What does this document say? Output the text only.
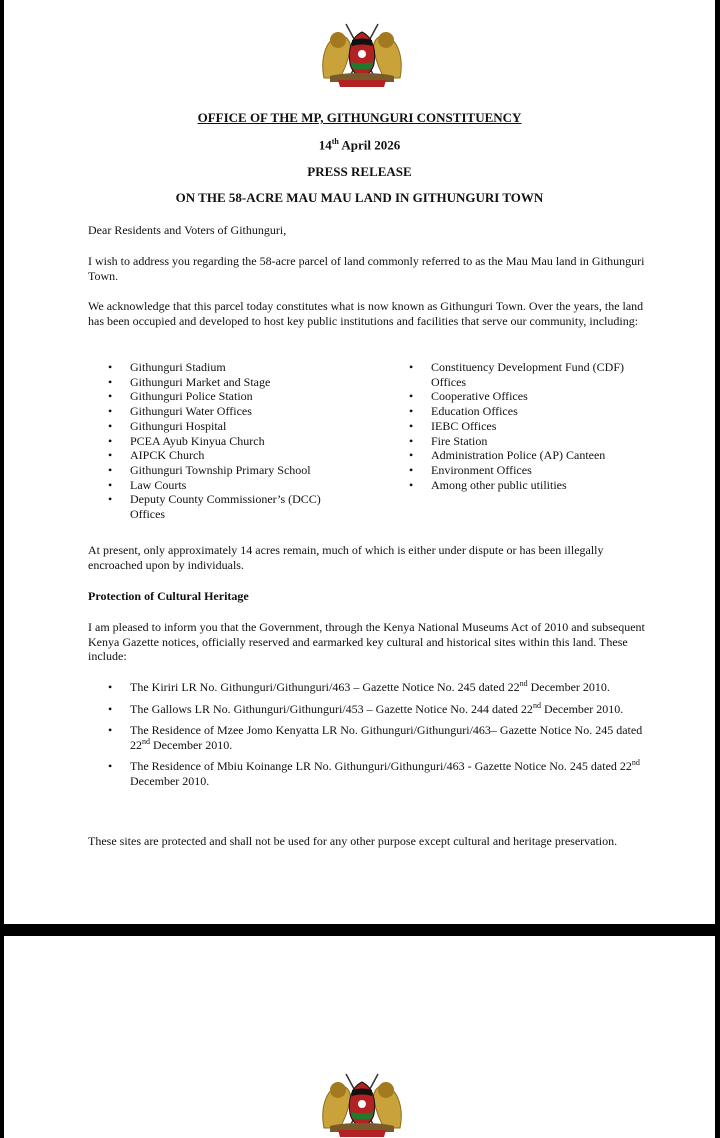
OFFICE OF THE MP, GITHUNGURI CONSTITUENCY
14th April 2026
PRESS RELEASE
ON THE 58-ACRE MAU MAU LAND IN GITHUNGURI TOWN

Dear Residents and Voters of Githunguri,

I wish to address you regarding the 58-acre parcel of land commonly referred to as the Mau Mau land in Githunguri Town.

We acknowledge that this parcel today constitutes what is now known as Githunguri Town. Over the years, the land has been occupied and developed to host key public institutions and facilities that serve our community, including:

• Githunguri Stadium
• Githunguri Market and Stage
• Githunguri Police Station
• Githunguri Water Offices
• Githunguri Hospital
• PCEA Ayub Kinyua Church
• AIPCK Church
• Githunguri Township Primary School
• Law Courts
• Deputy County Commissioner’s (DCC) Offices
• Constituency Development Fund (CDF) Offices
• Cooperative Offices
• Education Offices
• IEBC Offices
• Fire Station
• Administration Police (AP) Canteen
• Environment Offices
• Among other public utilities

At present, only approximately 14 acres remain, much of which is either under dispute or has been illegally encroached upon by individuals.

Protection of Cultural Heritage

I am pleased to inform you that the Government, through the Kenya National Museums Act of 2010 and subsequent Kenya Gazette notices, officially reserved and earmarked key cultural and historical sites within this land. These include:

• The Kiriri LR No. Githunguri/Githunguri/463 – Gazette Notice No. 245 dated 22nd December 2010.
• The Gallows LR No. Githunguri/Githunguri/453 – Gazette Notice No. 244 dated 22nd December 2010.
• The Residence of Mzee Jomo Kenyatta LR No. Githunguri/Githunguri/463– Gazette Notice No. 245 dated 22nd December 2010.
• The Residence of Mbiu Koinange LR No. Githunguri/Githunguri/463 - Gazette Notice No. 245 dated 22nd December 2010.

These sites are protected and shall not be used for any other purpose except cultural and heritage preservation.
